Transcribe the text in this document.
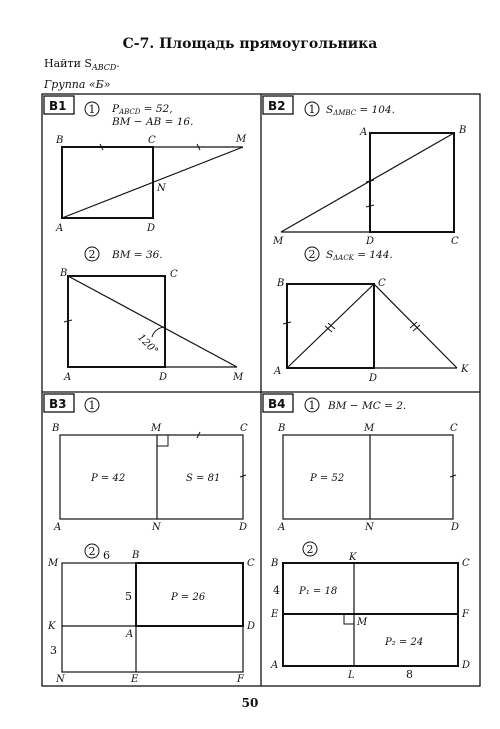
С-7. Площадь прямоугольника
Найти $S_{ABCD}$.
Группа «Б»
В1 1 PABCD = 52,
BM − AB = 16.
B	C	M
N
A	D
2 BM = 36.
120°
B	C
A	D	M
В2 1 SΔMBC = 104.
A	B
M	D	C
2 SΔACK = 144.
B	C
A
D
K
В3 1
B	M	C
A	N	D
P = 42	S = 81
2 6 B
M	C
5	P = 26
K
A
D
3
N	E	F
В4 1 BM − MC = 2.
B	M	C
A	N	D
P = 52
2
K
B	C
4 P₁ = 18
E
M
F
P₂ = 24
A
L	8
D
50
